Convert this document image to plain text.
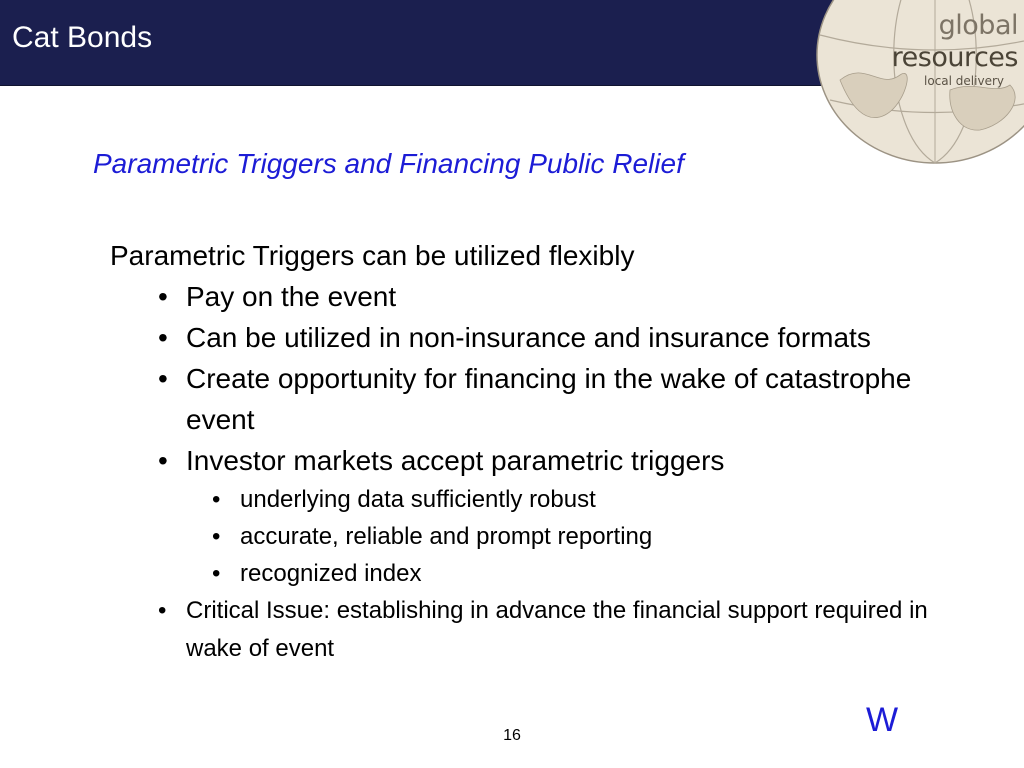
Cat Bonds	global resources
local delivery
Parametric Triggers and Financing Public Relief
Parametric Triggers can be utilized flexibly
• Pay on the event
• Can be utilized in non-insurance and insurance formats
• Create opportunity for financing in the wake of catastrophe event
• Investor markets accept parametric triggers
• underlying data sufficiently robust
• accurate, reliable and prompt reporting
• recognized index
• Critical Issue: establishing in advance the financial support required in wake of event
W
16
